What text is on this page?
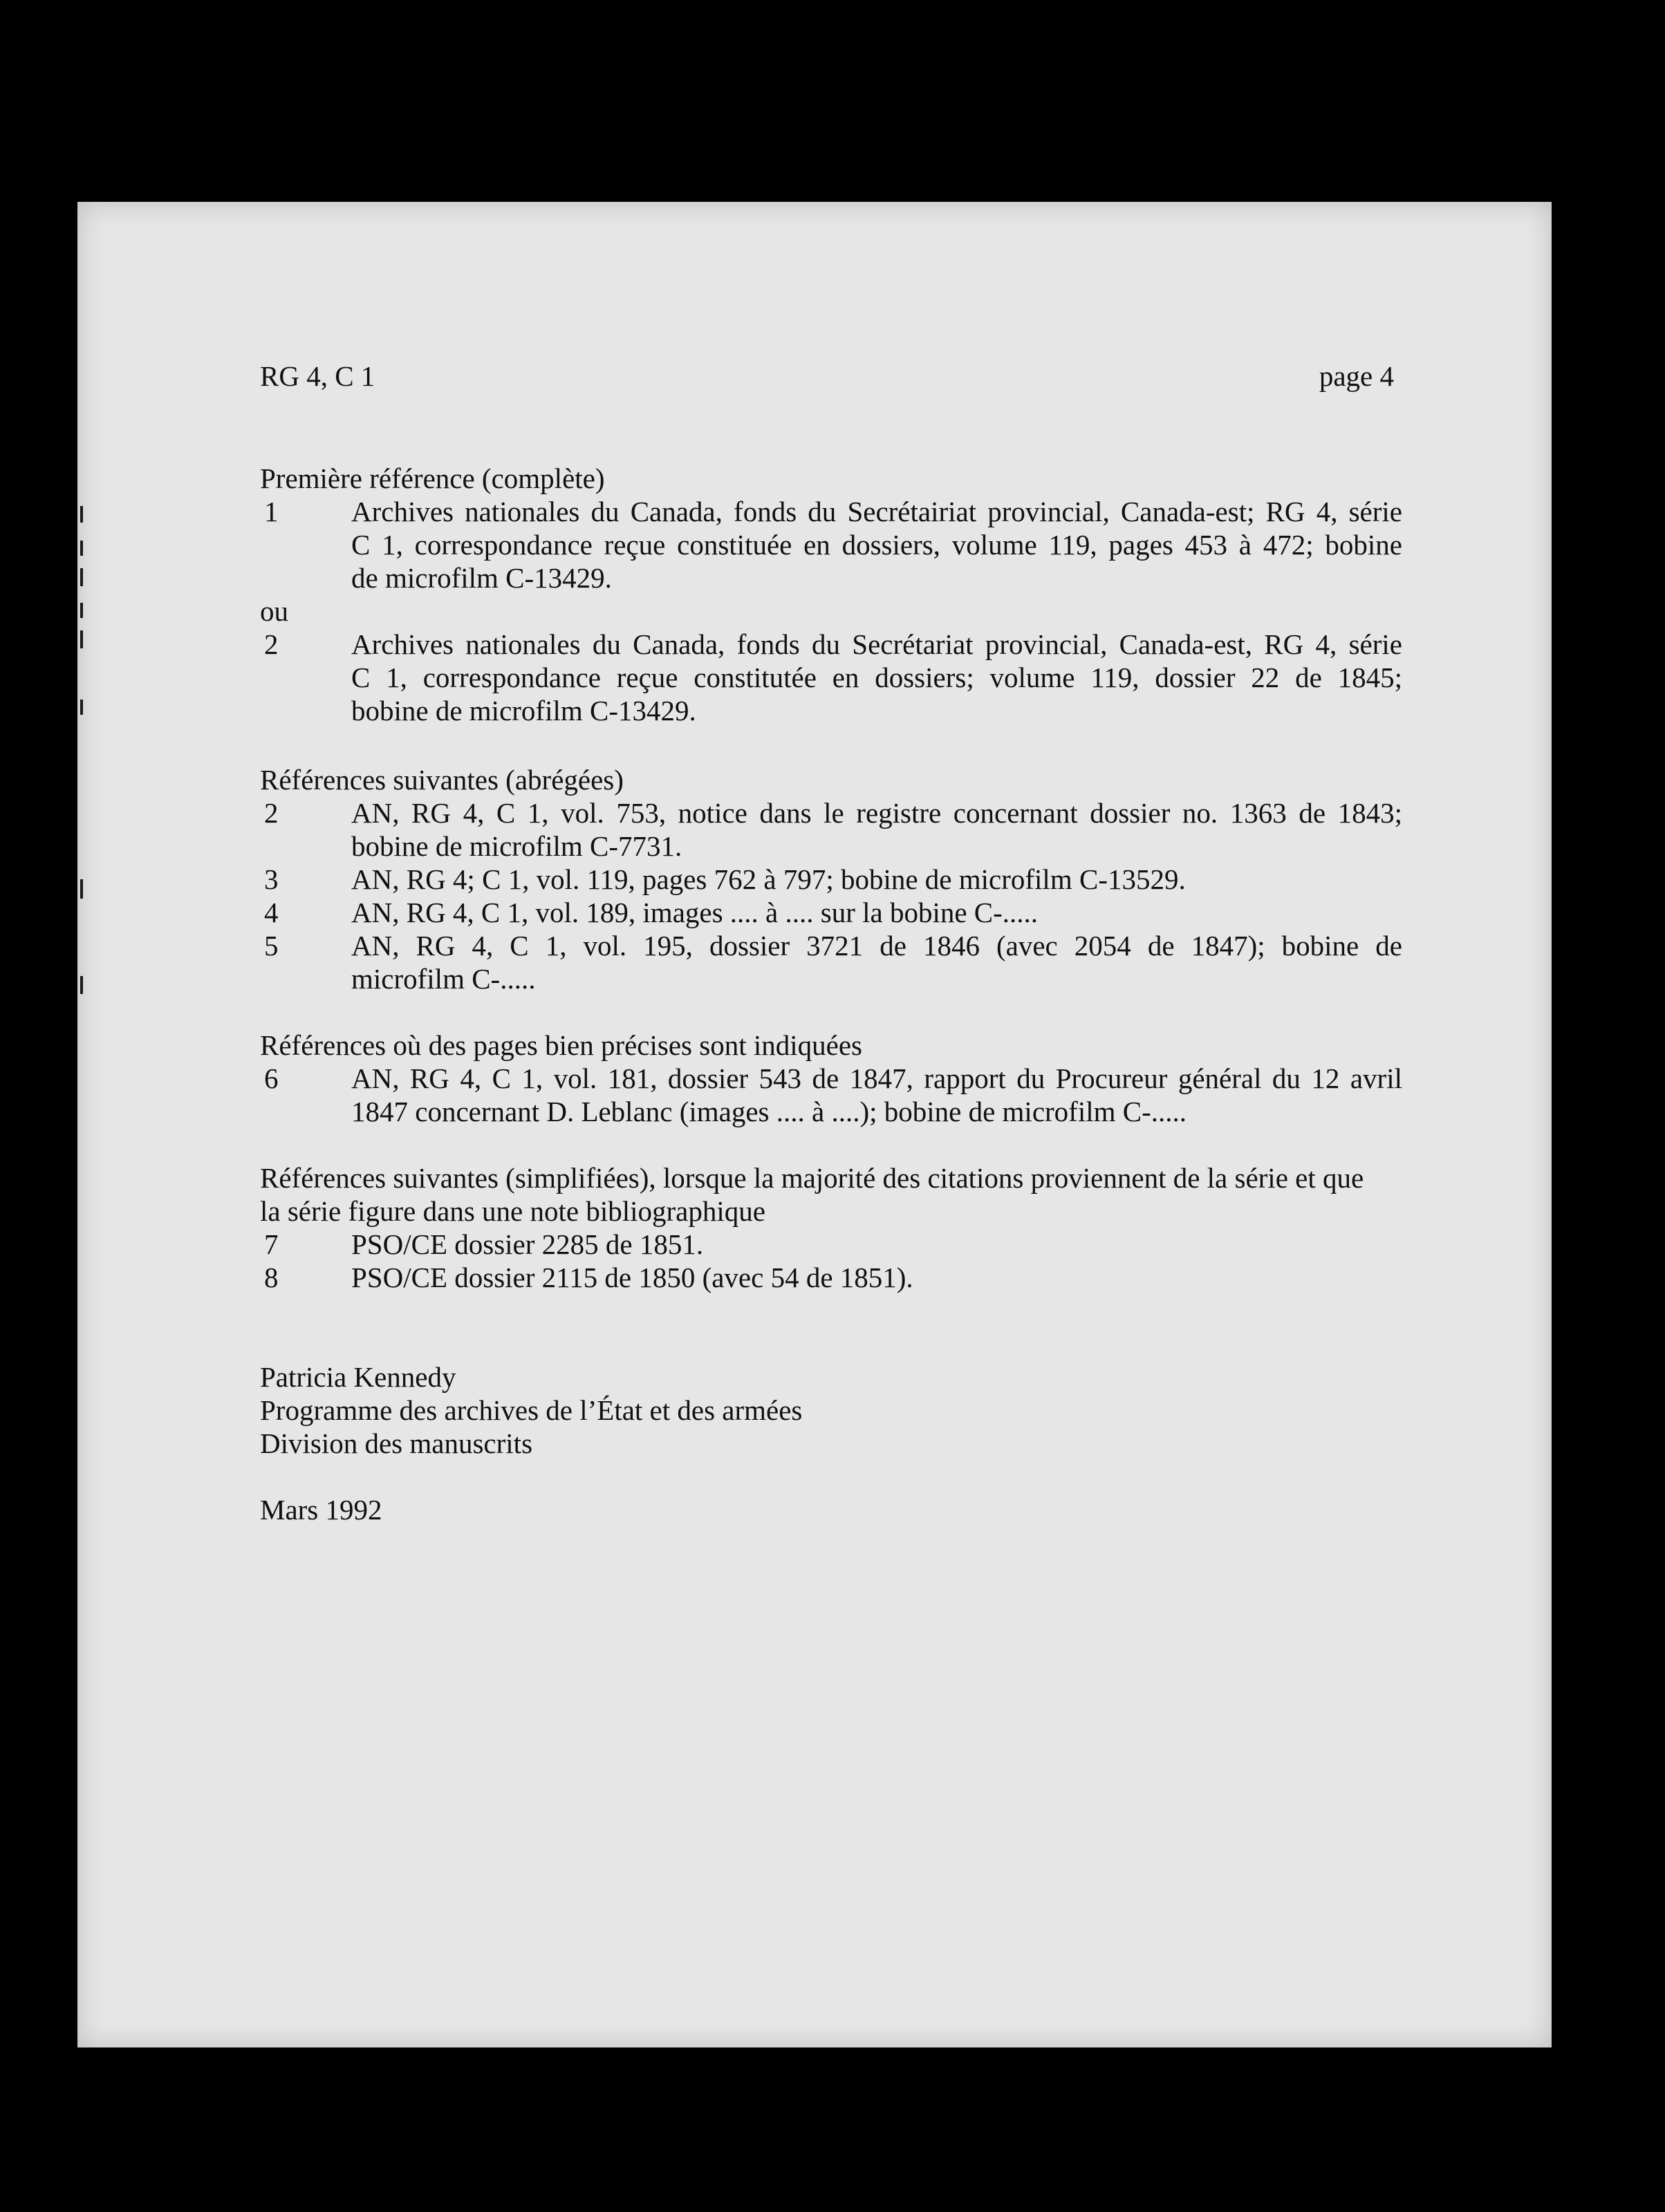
RG 4, C 1	page 4
Première référence (complète)
1	Archives nationales du Canada, fonds du Secrétairiat provincial, Canada-est; RG 4, série
C 1, correspondance reçue constituée en dossiers, volume 119, pages 453 à 472; bobine
de microfilm C-13429.
ou
2	Archives nationales du Canada, fonds du Secrétariat provincial, Canada-est, RG 4, série
C 1, correspondance reçue constitutée en dossiers; volume 119, dossier 22 de 1845;
bobine de microfilm C-13429.
Références suivantes (abrégées)
2	AN, RG 4, C 1, vol. 753, notice dans le registre concernant dossier no. 1363 de 1843;
bobine de microfilm C-7731.
3	AN, RG 4; C 1, vol. 119, pages 762 à 797; bobine de microfilm C-13529.
4	AN, RG 4, C 1, vol. 189, images .... à .... sur la bobine C-.....
5	AN, RG 4, C 1, vol. 195, dossier 3721 de 1846 (avec 2054 de 1847); bobine de
microfilm C-.....
Références où des pages bien précises sont indiquées
6	AN, RG 4, C 1, vol. 181, dossier 543 de 1847, rapport du Procureur général du 12 avril
1847 concernant D. Leblanc (images .... à ....); bobine de microfilm C-.....
Références suivantes (simplifiées), lorsque la majorité des citations proviennent de la série et que
la série figure dans une note bibliographique
7	PSO/CE dossier 2285 de 1851.
8	PSO/CE dossier 2115 de 1850 (avec 54 de 1851).
Patricia Kennedy
Programme des archives de l’État et des armées
Division des manuscrits
Mars 1992
